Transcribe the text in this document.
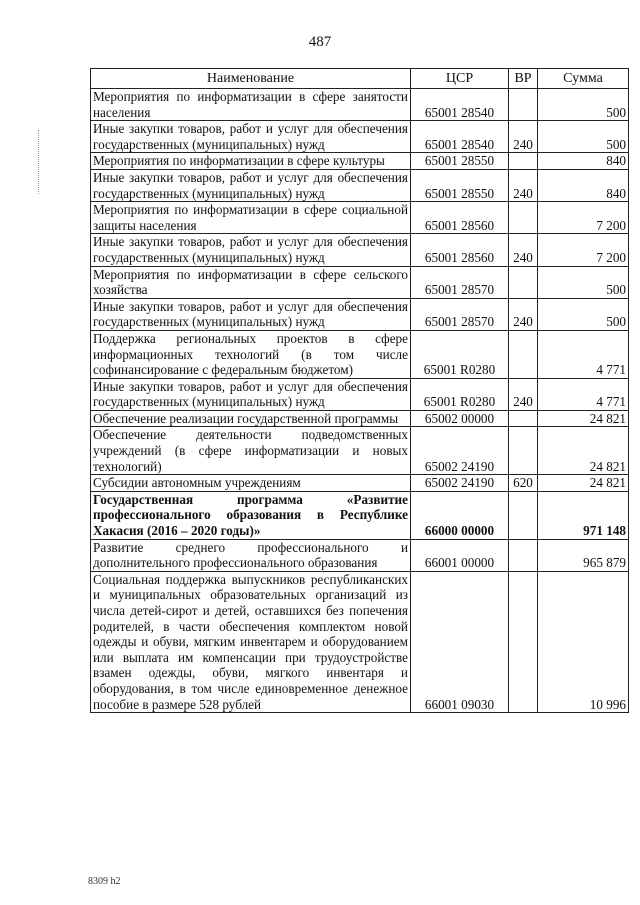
487
Наименование	ЦСР	ВР	Сумма
Мероприятия по информатизации в сфере занятости населения	65001 28540		500
Иные закупки товаров, работ и услуг для обеспечения государственных (муниципальных) нужд	65001 28540	240	500
Мероприятия по информатизации в сфере культуры	65001 28550		840
Иные закупки товаров, работ и услуг для обеспечения государственных (муниципальных) нужд	65001 28550	240	840
Мероприятия по информатизации в сфере социальной защиты населения	65001 28560		7 200
Иные закупки товаров, работ и услуг для обеспечения государственных (муниципальных) нужд	65001 28560	240	7 200
Мероприятия по информатизации в сфере сельского хозяйства	65001 28570		500
Иные закупки товаров, работ и услуг для обеспечения государственных (муниципальных) нужд	65001 28570	240	500
Поддержка региональных проектов в сфере информационных технологий (в том числе софинансирование с федеральным бюджетом)	65001 R0280		4 771
Иные закупки товаров, работ и услуг для обеспечения государственных (муниципальных) нужд	65001 R0280	240	4 771
Обеспечение реализации государственной программы	65002 00000		24 821
Обеспечение деятельности подведомственных учреждений (в сфере информатизации и новых технологий)	65002 24190		24 821
Субсидии автономным учреждениям	65002 24190	620	24 821
Государственная программа «Развитие профессионального образования в Республике Хакасия (2016 – 2020 годы)»	66000 00000		971 148
Развитие среднего профессионального и дополнительного профессионального образования	66001 00000		965 879
Социальная поддержка выпускников республиканских и муниципальных образовательных организаций из числа детей-сирот и детей, оставшихся без попечения родителей, в части обеспечения комплектом новой одежды и обуви, мягким инвентарем и оборудованием или выплата им компенсации при трудоустройстве взамен одежды, обуви, мягкого инвентаря и оборудования, в том числе единовременное денежное пособие в размере 528 рублей	66001 09030		10 996
8309 h2
